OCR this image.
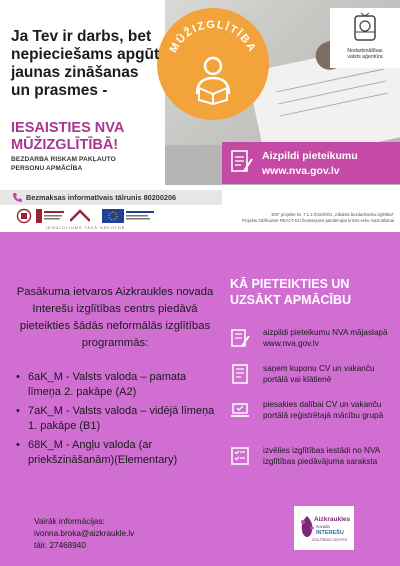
MŪŽIZGLĪTĪBA	Nodarbinātības
valsts aģentūra
Ja Tev ir darbs, bet nepieciešams apgūt jaunas zināšanas un prasmes -
IESAISTIES NVA MŪŽIZGLĪTĪBĀ!
BEZDARBA RISKAM PAKĻAUTO
PERSONU APMĀCĪBA
Aizpildi pieteikumu
www.nva.gov.lv
Bezmaksas informatīvais tālrunis 80200206
IEGULDĪJUMS TAVĀ NĀKOTNĒ
ESF projekts Nr. 7.1.1.0/15/I/001 „Atbalsts bezdarbnieku izglītībai"
Projektu līdzfinansē REACT-EU finansējums pandēmijas krīzes seku mazināšanai
Pasākuma ietvaros Aizkraukles novada Interešu izglītības centrs piedāvā pieteikties šādās neformālās izglītības programmās:
• 6aK_M - Valsts valoda – pamata līmeņa 2. pakāpe (A2)
• 7aK_M - Valsts valoda – vidējā līmeņa 1. pakāpe (B1)
• 68K_M - Angļu valoda (ar priekšzināšanām)(Elementary)
Vairāk informācijas:
ivonna.broka@aizkraukle.lv
tālr. 27468940
KĀ PIETEIKTIES UN
UZSĀKT APMĀCĪBU
aizpildi pieteikumu NVA mājaslapā www.nva.gov.lv
saņem kuponu CV un vakanču portālā vai klātienē
piesakies dalībai CV un vakanču portālā reģistrētajā mācību grupā
izvēlies izglītības iestādi no NVA izglītības piedāvājuma saraksta
Aizkraukles
novada
INTEREŠU
IZGLĪTĪBAS CENTRS
